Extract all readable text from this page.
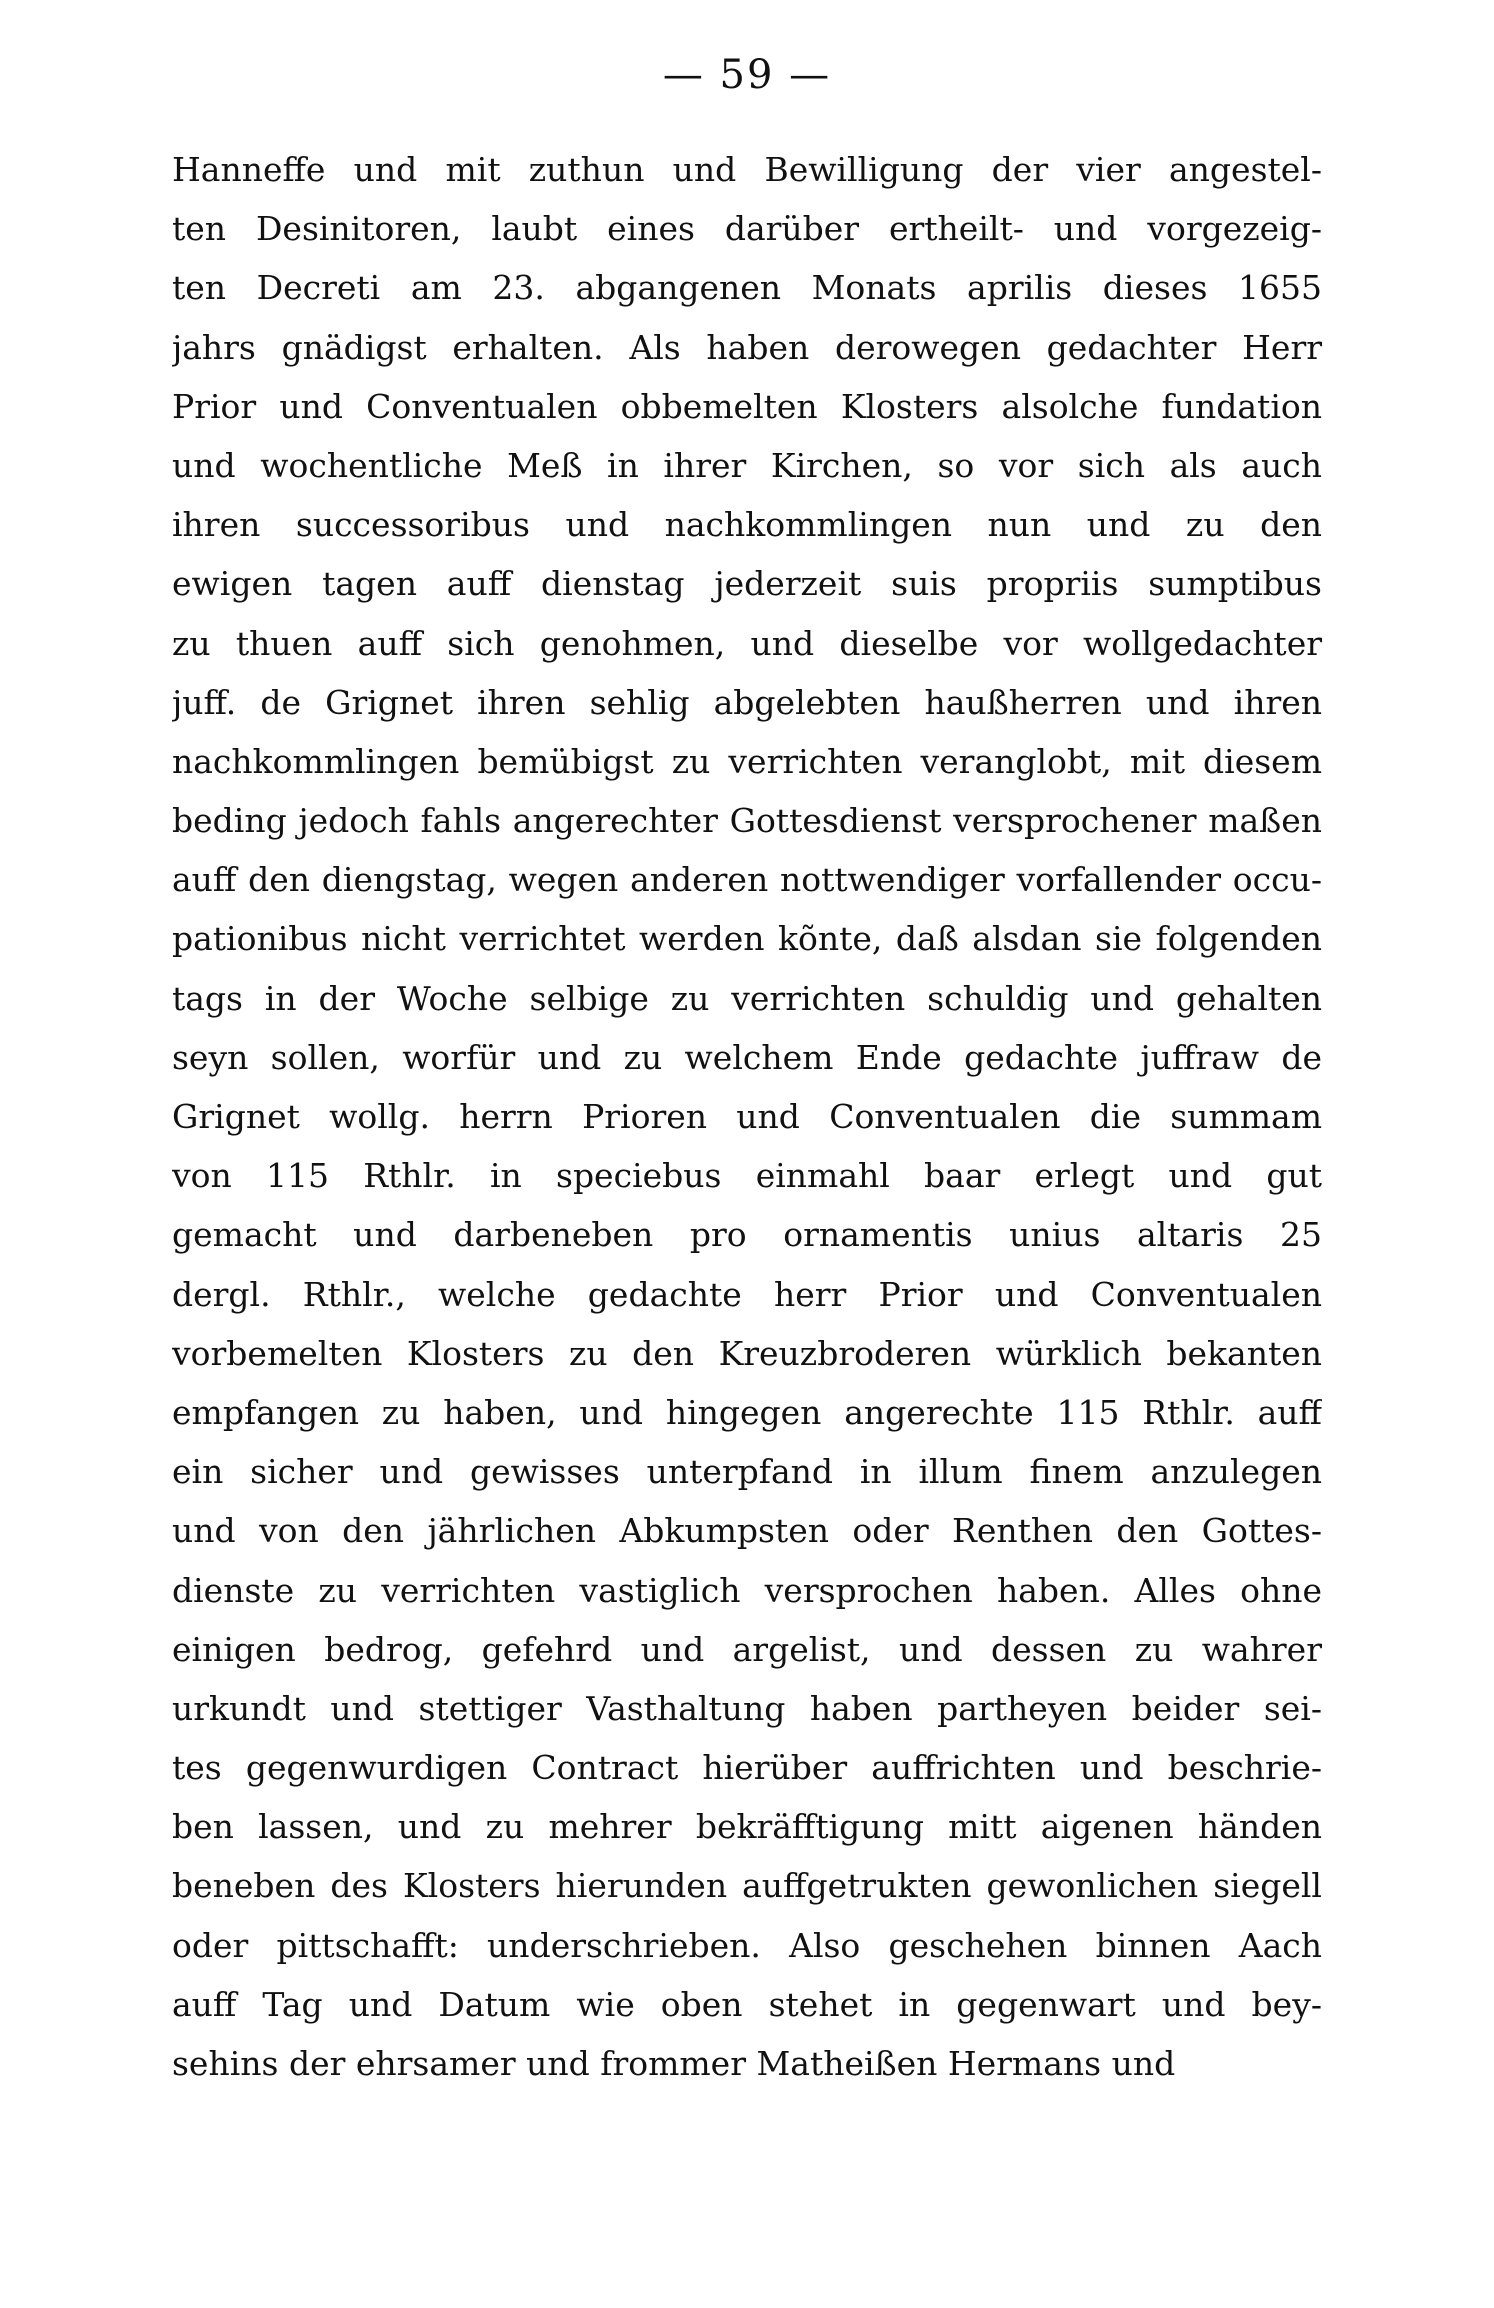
— 59 —
Hanneffe und mit zuthun und Bewilligung der vier angestel-
ten Desinitoren, laubt eines darüber ertheilt- und vorgezeig-
ten Decreti am 23. abgangenen Monats aprilis dieses 1655
jahrs gnädigst erhalten. Als haben derowegen gedachter Herr
Prior und Conventualen obbemelten Klosters alsolche fundation
und wochentliche Meß in ihrer Kirchen, so vor sich als auch
ihren successoribus und nachkommlingen nun und zu den
ewigen tagen auff dienstag jederzeit suis propriis sumptibus
zu thuen auff sich genohmen, und dieselbe vor wollgedachter
juff. de Grignet ihren sehlig abgelebten haußherren und ihren
nachkommlingen bemübigst zu verrichten veranglobt, mit diesem
beding jedoch fahls angerechter Gottesdienst versprochener maßen
auff den diengstag, wegen anderen nottwendiger vorfallender occu-
pationibus nicht verrichtet werden kõnte, daß alsdan sie folgenden
tags in der Woche selbige zu verrichten schuldig und gehalten
seyn sollen, worfür und zu welchem Ende gedachte juffraw de
Grignet wollg. herrn Prioren und Conventualen die summam
von 115 Rthlr. in speciebus einmahl baar erlegt und gut
gemacht und darbeneben pro ornamentis unius altaris 25
dergl. Rthlr., welche gedachte herr Prior und Conventualen
vorbemelten Klosters zu den Kreuzbroderen würklich bekanten
empfangen zu haben, und hingegen angerechte 115 Rthlr. auff
ein sicher und gewisses unterpfand in illum finem anzulegen
und von den jährlichen Abkumpsten oder Renthen den Gottes-
dienste zu verrichten vastiglich versprochen haben. Alles ohne
einigen bedrog, gefehrd und argelist, und dessen zu wahrer
urkundt und stettiger Vasthaltung haben partheyen beider sei-
tes gegenwurdigen Contract hierüber auffrichten und beschrie-
ben lassen, und zu mehrer bekräfftigung mitt aigenen händen
beneben des Klosters hierunden auffgetrukten gewonlichen siegell
oder pittschafft: underschrieben. Also geschehen binnen Aach
auff Tag und Datum wie oben stehet in gegenwart und bey-
sehins der ehrsamer und frommer Matheißen Hermans und
